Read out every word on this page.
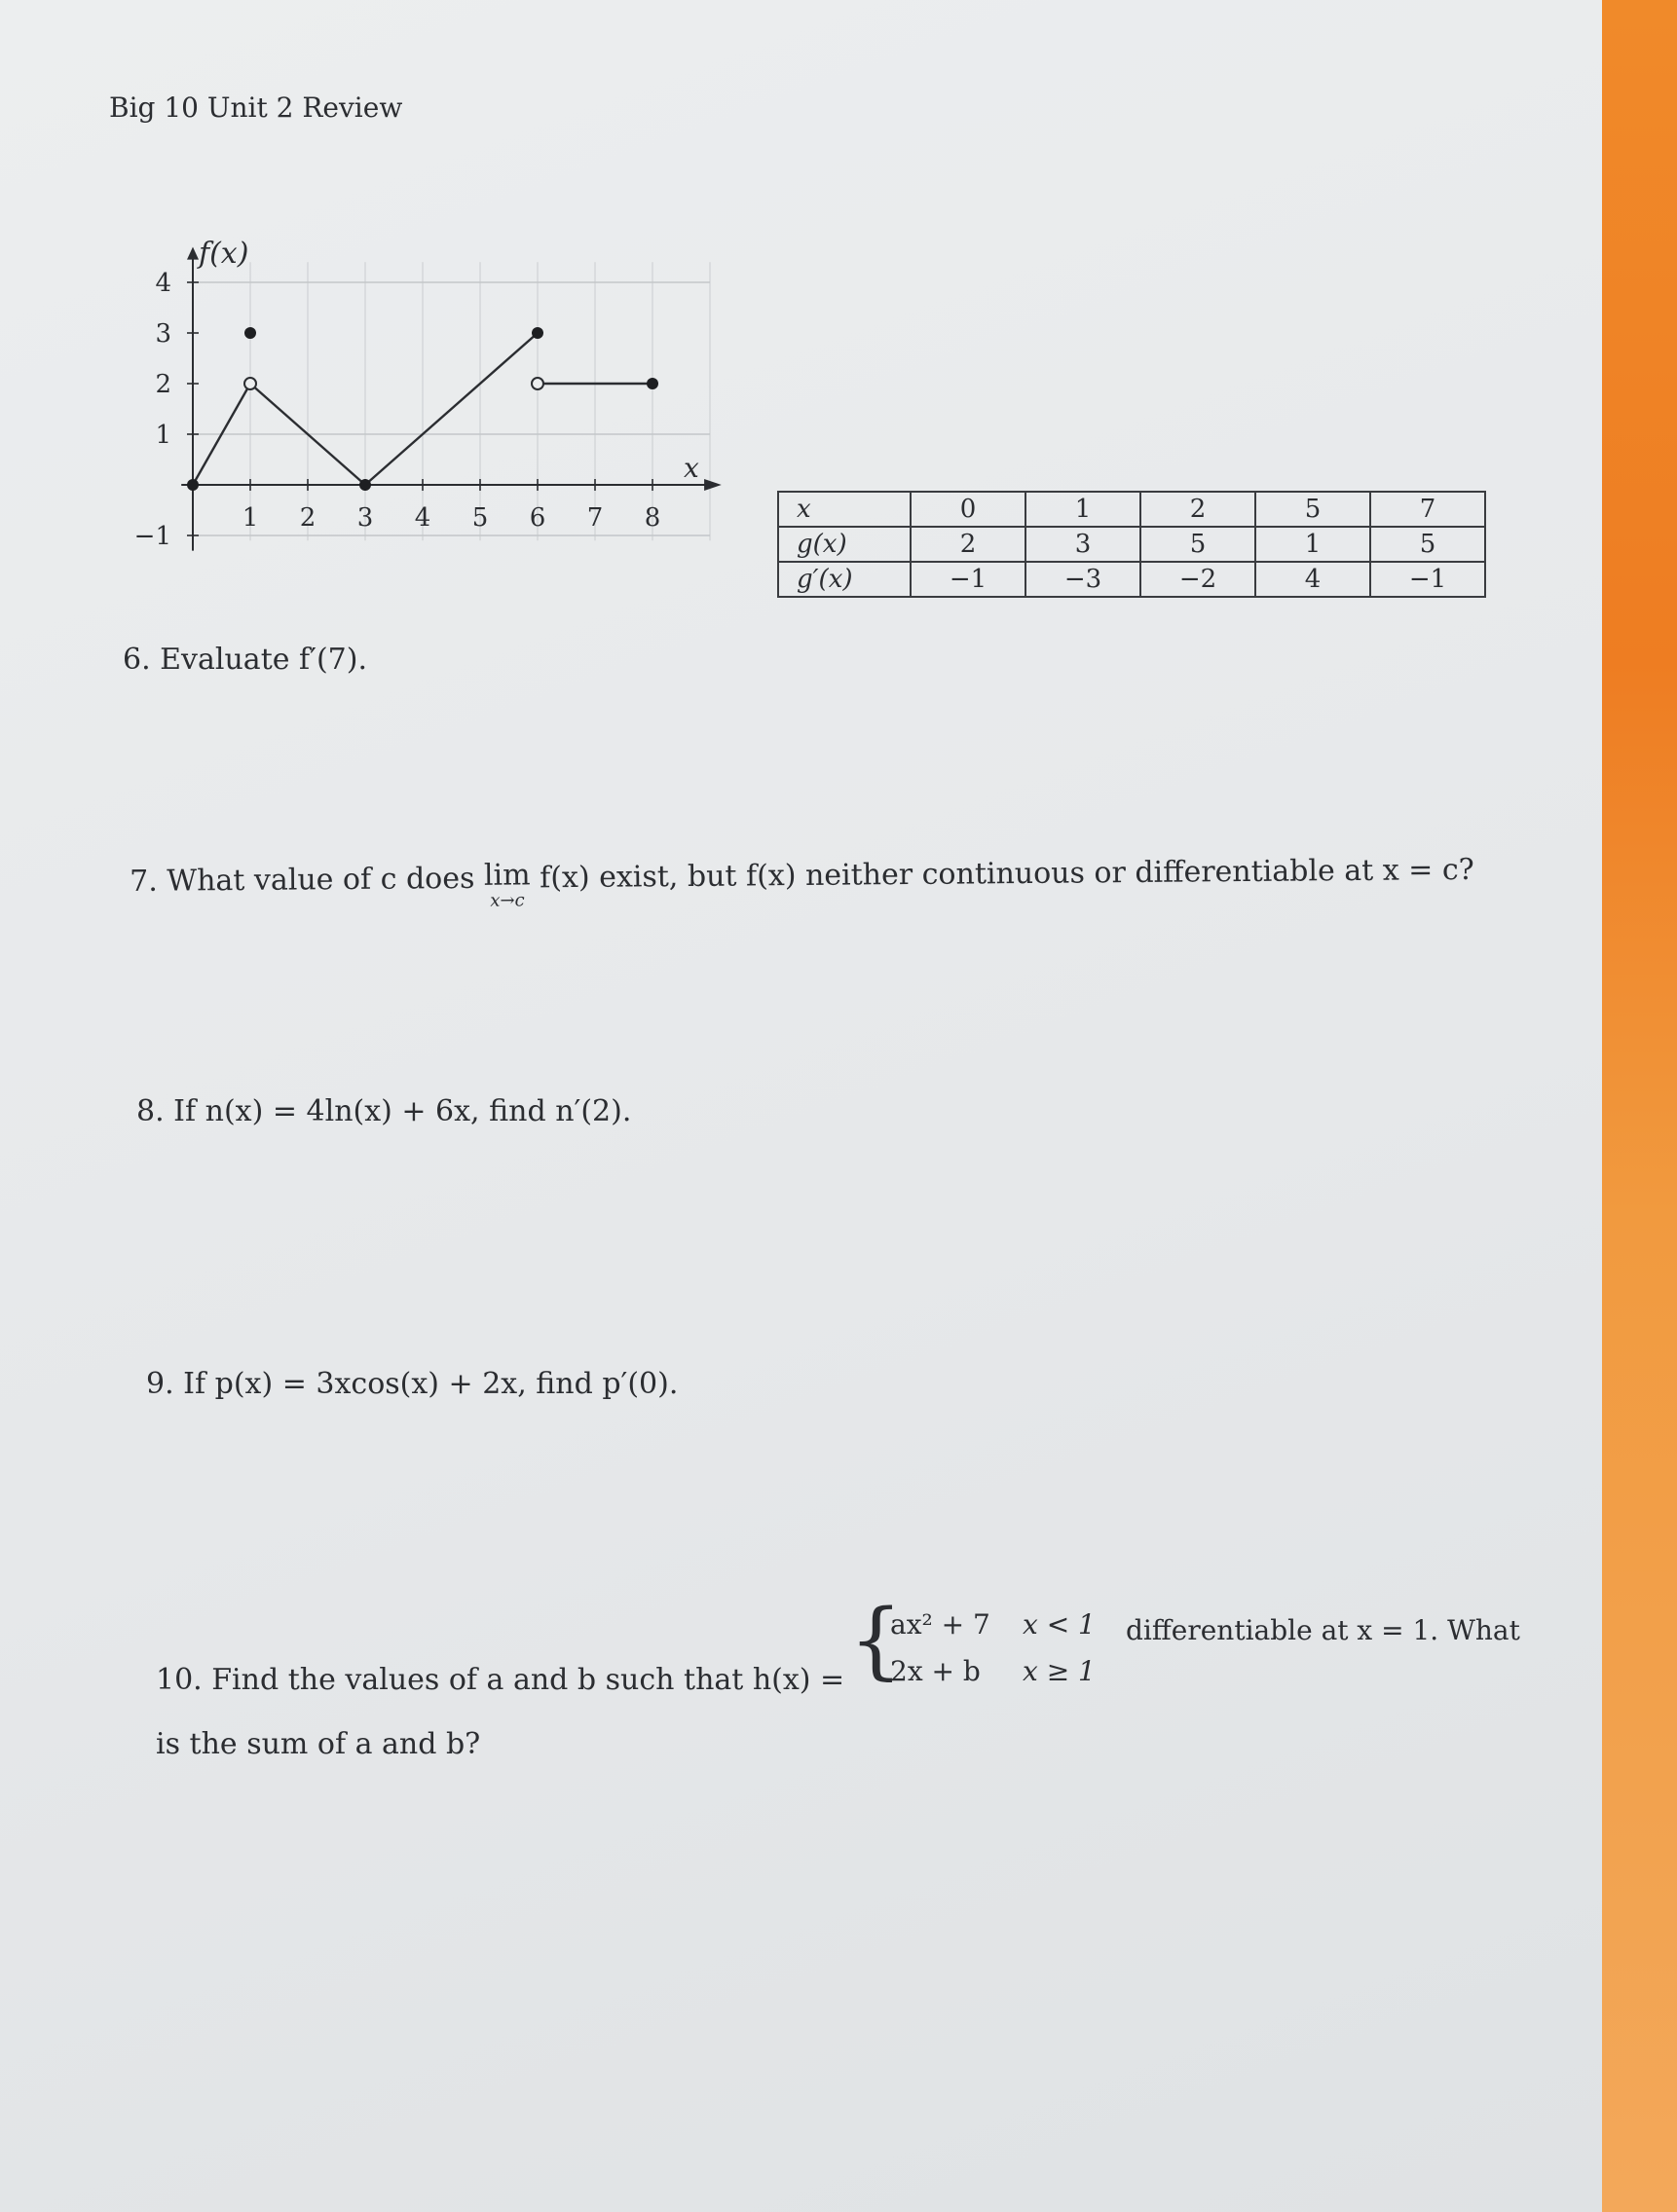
Big 10 Unit 2 Review
1 2 3 4 5 6 7 8
4
3
2
1
−1
f(x)
x
x	0	1	2	5	7
g(x)	2	3	5	1	5
g′(x)	−1	−3	−2	4	−1
6. Evaluate f′(7).
7. What value of c does lim
x→c
f(x) exist, but f(x) neither continuous or differentiable at x = c?
8. If n(x) = 4ln(x) + 6x, find n′(2).
9. If p(x) = 3xcos(x) + 2x, find p′(0).
10. Find the values of a and b such that h(x) = {
ax² + 7 x < 1
2x + b x ≥ 1
differentiable at x = 1. What
is the sum of a and b?
